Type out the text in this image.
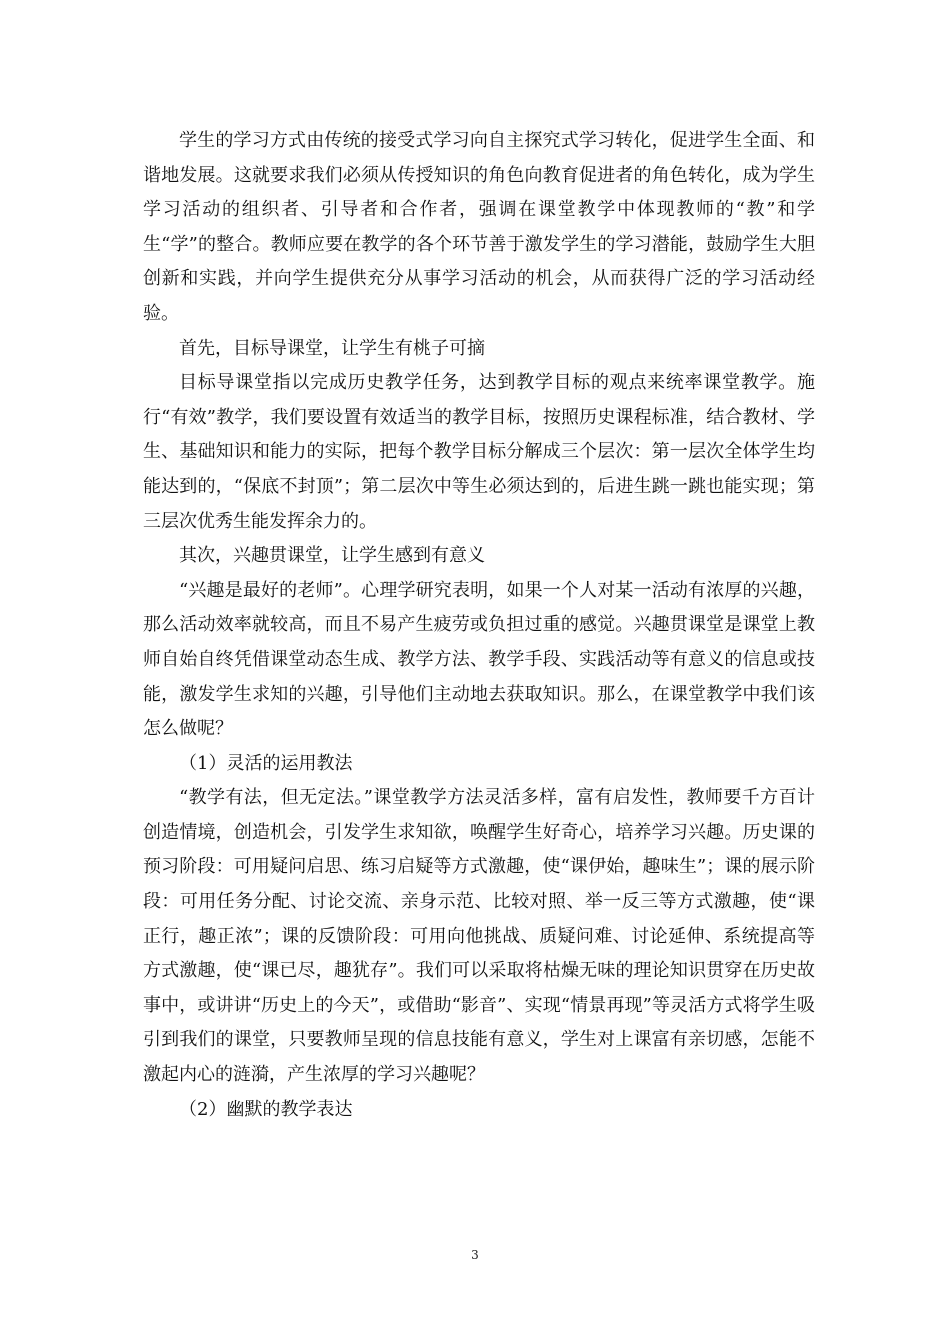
学生的学习方式由传统的接受式学习向自主探究式学习转化，促进学生全面、和谐地发展。这就要求我们必须从传授知识的角色向教育促进者的角色转化，成为学生学习活动的组织者、引导者和合作者，强调在课堂教学中体现教师的“教”和学生“学”的整合。教师应要在教学的各个环节善于激发学生的学习潜能，鼓励学生大胆创新和实践，并向学生提供充分从事学习活动的机会，从而获得广泛的学习活动经验。

首先，目标导课堂，让学生有桃子可摘

目标导课堂指以完成历史教学任务，达到教学目标的观点来统率课堂教学。施行“有效”教学，我们要设置有效适当的教学目标，按照历史课程标准，结合教材、学生、基础知识和能力的实际，把每个教学目标分解成三个层次：第一层次全体学生均能达到的，“保底不封顶”；第二层次中等生必须达到的，后进生跳一跳也能实现；第三层次优秀生能发挥余力的。

其次，兴趣贯课堂，让学生感到有意义

“兴趣是最好的老师”。心理学研究表明，如果一个人对某一活动有浓厚的兴趣，那么活动效率就较高，而且不易产生疲劳或负担过重的感觉。兴趣贯课堂是课堂上教师自始自终凭借课堂动态生成、教学方法、教学手段、实践活动等有意义的信息或技能，激发学生求知的兴趣，引导他们主动地去获取知识。那么，在课堂教学中我们该怎么做呢？

（1）灵活的运用教法

“教学有法，但无定法。”课堂教学方法灵活多样，富有启发性，教师要千方百计创造情境，创造机会，引发学生求知欲，唤醒学生好奇心，培养学习兴趣。历史课的预习阶段：可用疑问启思、练习启疑等方式激趣，使“课伊始，趣味生”；课的展示阶段：可用任务分配、讨论交流、亲身示范、比较对照、举一反三等方式激趣，使“课正行，趣正浓”；课的反馈阶段：可用向他挑战、质疑问难、讨论延伸、系统提高等方式激趣，使“课已尽，趣犹存”。我们可以采取将枯燥无味的理论知识贯穿在历史故事中，或讲讲“历史上的今天”，或借助“影音”、实现“情景再现”等灵活方式将学生吸引到我们的课堂，只要教师呈现的信息技能有意义，学生对上课富有亲切感，怎能不激起内心的涟漪，产生浓厚的学习兴趣呢？

（2）幽默的教学表达

3
